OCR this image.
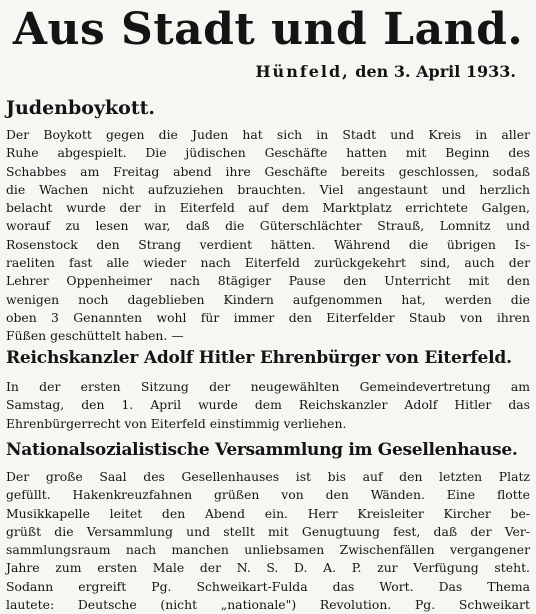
Aus Stadt und Land.
Hünfeld, den 3. April 1933.
Judenboykott.
Der Boykott gegen die Juden hat sich in Stadt und Kreis in aller
Ruhe abgespielt. Die jüdischen Geschäfte hatten mit Beginn des
Schabbes am Freitag abend ihre Geschäfte bereits geschlossen, sodaß
die Wachen nicht aufzuziehen brauchten. Viel angestaunt und herzlich
belacht wurde der in Eiterfeld auf dem Marktplatz errichtete Galgen,
worauf zu lesen war, daß die Güterschlächter Strauß, Lomnitz und
Rosenstock den Strang verdient hätten. Während die übrigen Is-
raeliten fast alle wieder nach Eiterfeld zurückgekehrt sind, auch der
Lehrer Oppenheimer nach 8tägiger Pause den Unterricht mit den
wenigen noch dageblieben Kindern aufgenommen hat, werden die
oben 3 Genannten wohl für immer den Eiterfelder Staub von ihren
Füßen geschüttelt haben. —
Reichskanzler Adolf Hitler Ehrenbürger von Eiterfeld.
In der ersten Sitzung der neugewählten Gemeindevertretung am
Samstag, den 1. April wurde dem Reichskanzler Adolf Hitler das
Ehrenbürgerrecht von Eiterfeld einstimmig verliehen.
Nationalsozialistische Versammlung im Gesellenhause.
Der große Saal des Gesellenhauses ist bis auf den letzten Platz
gefüllt. Hakenkreuzfahnen grüßen von den Wänden. Eine flotte
Musikkapelle leitet den Abend ein. Herr Kreisleiter Kircher be-
grüßt die Versammlung und stellt mit Genugtuung fest, daß der Ver-
sammlungsraum nach manchen unliebsamen Zwischenfällen vergangener
Jahre zum ersten Male der N. S. D. A. P. zur Verfügung steht.
Sodann ergreift Pg. Schweikart-Fulda das Wort. Das Thema
lautete: Deutsche (nicht „nationale") Revolution. Pg. Schweikart
